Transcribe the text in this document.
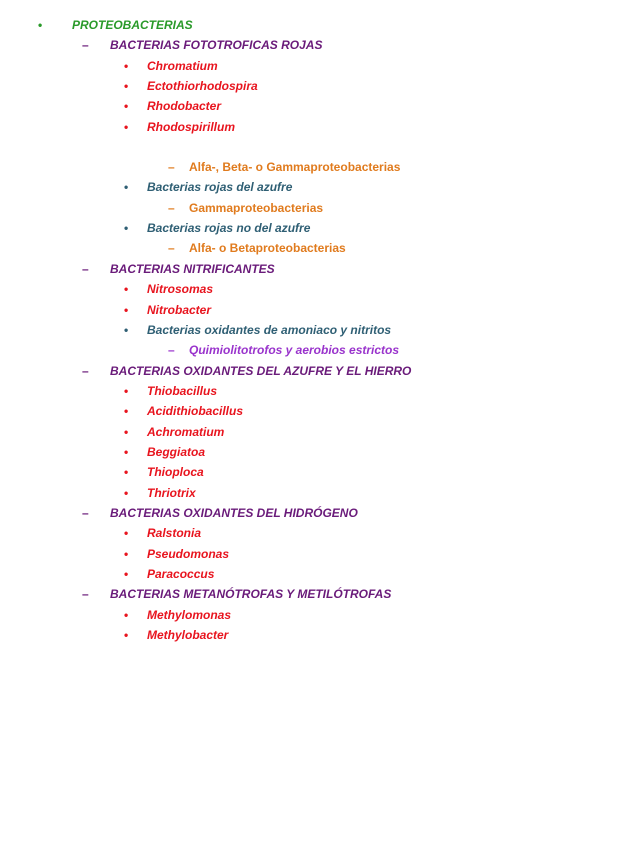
• PROTEOBACTERIAS
– BACTERIAS FOTOTROFICAS ROJAS
• Chromatium
• Ectothiorhodospira
• Rhodobacter
• Rhodospirillum
– Alfa-, Beta- o Gammaproteobacterias
• Bacterias rojas del azufre
– Gammaproteobacterias
• Bacterias rojas no del azufre
– Alfa- o Betaproteobacterias
– BACTERIAS NITRIFICANTES
• Nitrosomas
• Nitrobacter
• Bacterias oxidantes de amoniaco y nitritos
– Quimiolitotrofos y aerobios estrictos
– BACTERIAS OXIDANTES DEL AZUFRE Y EL HIERRO
• Thiobacillus
• Acidithiobacillus
• Achromatium
• Beggiatoa
• Thioploca
• Thriotrix
– BACTERIAS OXIDANTES DEL HIDRÓGENO
• Ralstonia
• Pseudomonas
• Paracoccus
– BACTERIAS METANÓTROFAS Y METILÓTROFAS
• Methylomonas
• Methylobacter
